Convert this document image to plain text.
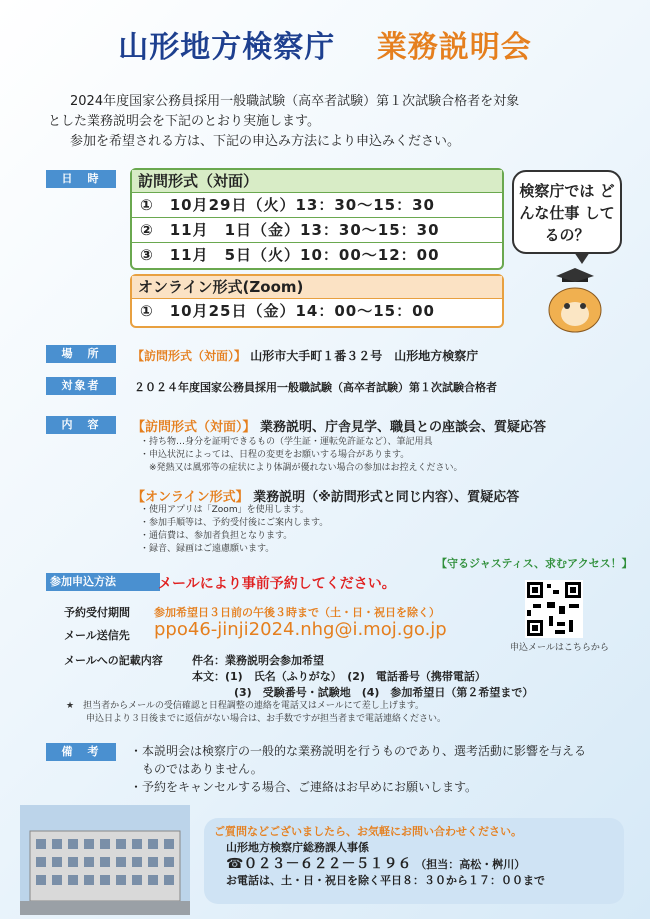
山形地方検察庁 業務説明会

2024年度国家公務員採用一般職試験（高卒者試験）第１次試験合格者を対象

とした業務説明会を下記のとおり実施します。

参加を希望される方は、下記の申込み方法により申込みください。

日　時	訪問形式（対面）
①　10月29日（火）13：30～15：30
②　11月　1日（金）13：30～15：30
③　11月　5日（火）10：00～12：00
オンライン形式(Zoom)
①　10月25日（金）14：00～15：00
検察庁では どんな仕事 してるの？
場　所	【訪問形式（対面）】 山形市大手町１番３２号　山形地方検察庁
対象者	２０２４年度国家公務員採用一般職試験（高卒者試験）第１次試験合格者
内　容	【訪問形式（対面）】 業務説明、庁舎見学、職員との座談会、質疑応答
・持ち物…身分を証明できるもの（学生証・運転免許証など）、筆記用具
・申込状況によっては、日程の変更をお願いする場合があります。
　※発熱又は風邪等の症状により体調が優れない場合の参加はお控えください。
【オンライン形式】 業務説明（※訪問形式と同じ内容）、質疑応答
・使用アプリは「Zoom」を使用します。
・参加手順等は、予約受付後にご案内します。
・通信費は、参加者負担となります。
・録音、録画はご遠慮願います。
【守るジャスティス、求むアクセス！】
参加申込方法	メールにより事前予約してください。
予約受付期間 参加希望日３日前の午後３時まで（土・日・祝日を除く）
メール送信先 ppo46-jinji2024.nhg@i.moj.go.jp
申込メールはこちらから
メールへの記載内容	件名：業務説明会参加希望
本文：(1)　氏名（ふりがな）　(2)　電話番号（携帯電話）
(3)　受験番号・試験地　(4)　参加希望日（第２希望まで）
★　担当者からメールの受信確認と日程調整の連絡を電話又はメールにて差し上げます。
申込日より３日後までに返信がない場合は、お手数ですが担当者まで電話連絡ください。
備　考	・本説明会は検察庁の一般的な業務説明を行うものであり、選考活動に影響を与える
ものではありません。
・予約をキャンセルする場合、ご連絡はお早めにお願いします。
ご質問などございましたら、お気軽にお問い合わせください。
山形地方検察庁総務課人事係
☎０２３－６２２－５１９６ （担当：高松・桝川）
お電話は、土・日・祝日を除く平日８：３０から１７：００まで
